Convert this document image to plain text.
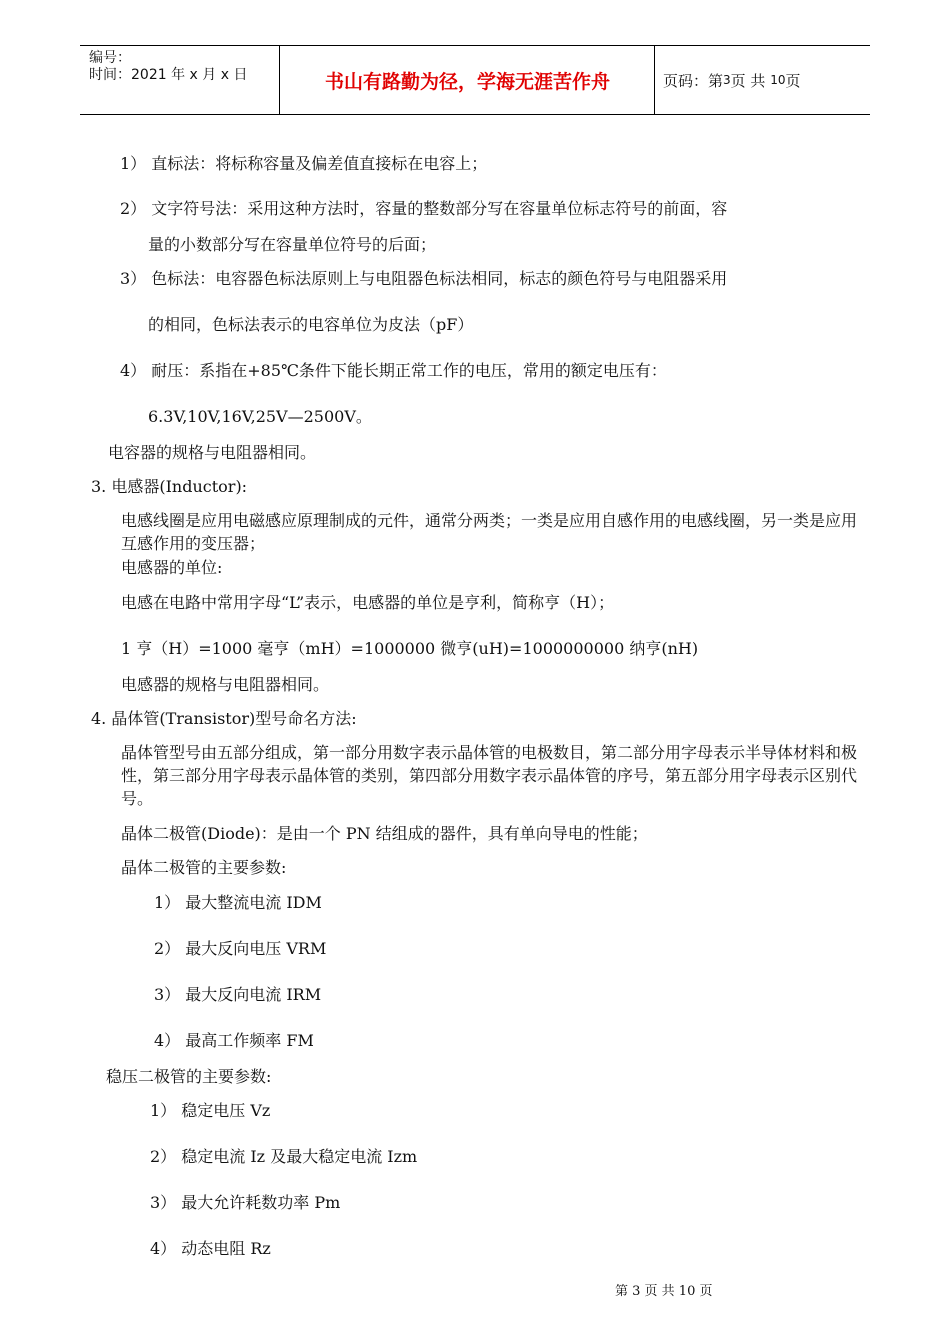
编号：
时间：2021 年 x 月 x 日	书山有路勤为径，学海无涯苦作舟	页码：第 3 页 共
10 页
1） 直标法：将标称容量及偏差值直接标在电容上；
2） 文字符号法：采用这种方法时，容量的整数部分写在容量单位标志符号的前面，容
量的小数部分写在容量单位符号的后面；
3） 色标法：电容器色标法原则上与电阻器色标法相同，标志的颜色符号与电阻器采用
的相同，色标法表示的电容单位为皮法（pF）
4） 耐压：系指在+85℃条件下能长期正常工作的电压，常用的额定电压有：
6.3V,10V,16V,25V—2500V。
电容器的规格与电阻器相同。
3. 电感器(Inductor):
电感线圈是应用电磁感应原理制成的元件，通常分两类；一类是应用自感作用的电感线圈，另一类是应用互感作用的变压器；
电感器的单位:
电感在电路中常用字母“L”表示，电感器的单位是亨利，简称亨（H）；
1 亨（H）=1000 毫亨（mH）=1000000 微亨(uH)=1000000000 纳亨(nH)
电感器的规格与电阻器相同。
4. 晶体管(Transistor)型号命名方法:
晶体管型号由五部分组成，第一部分用数字表示晶体管的电极数目，第二部分用字母表示半导体材料和极性，第三部分用字母表示晶体管的类别，第四部分用数字表示晶体管的序号，第五部分用字母表示区别代号。
晶体二极管(Diode)：是由一个 PN 结组成的器件，具有单向导电的性能；
晶体二极管的主要参数:
1） 最大整流电流 IDM
2） 最大反向电压 VRM
3） 最大反向电流 IRM
4） 最高工作频率 FM
稳压二极管的主要参数:
1） 稳定电压 Vz
2） 稳定电流 Iz 及最大稳定电流 Izm
3） 最大允许耗数功率 Pm
4） 动态电阻 Rz
第 3 页 共 10 页
